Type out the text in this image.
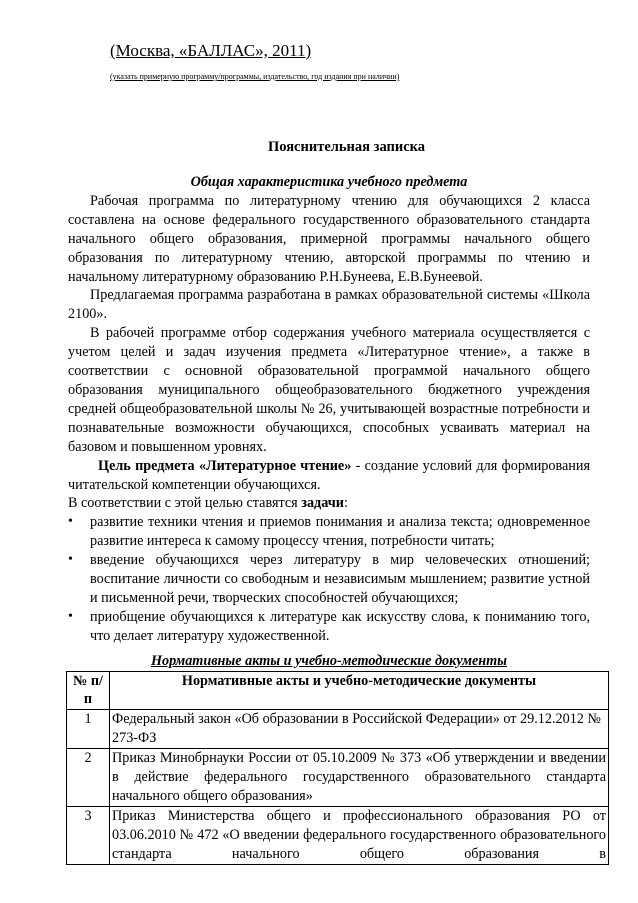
(Москва, «БАЛЛАС», 2011)
(указать примерную программу/программы, издательство, год издания при наличии)
Пояснительная записка
Общая характеристика учебного предмета

Рабочая программа по литературному чтению для обучающихся 2 класса составлена на основе федерального государственного образовательного стандарта начального общего образования, примерной программы начального общего образования по литературному чтению, авторской программы по чтению и начальному литературному образованию Р.Н.Бунеева, Е.В.Бунеевой.

Предлагаемая программа разработана в рамках образовательной системы «Школа 2100».

В рабочей программе отбор содержания учебного материала осуществляется с учетом целей и задач изучения предмета «Литературное чтение», а также в соответствии с основной образовательной программой начального общего образования муниципального общеобразовательного бюджетного учреждения средней общеобразовательной школы № 26, учитывающей возрастные потребности и познавательные возможности обучающихся, способных усваивать материал на базовом и повышенном уровнях.

Цель предмета «Литературное чтение» - создание условий для формирования читательской компетенции обучающихся.

В соответствии с этой целью ставятся задачи:

• развитие техники чтения и приемов понимания и анализа текста; одновременное развитие интереса к самому процессу чтения, потребности читать;
• введение обучающихся через литературу в мир человеческих отношений; воспитание личности со свободным и независимым мышлением; развитие устной и письменной речи, творческих способностей обучающихся;
• приобщение обучающихся к литературе как искусству слова, к пониманию того, что делает литературу художественной.
Нормативные акты и учебно-методические документы
№ п/п	Нормативные акты и учебно-методические документы
1	Федеральный закон «Об образовании в Российской Федерации» от 29.12.2012 № 273-ФЗ
2	Приказ Минобрнауки России от 05.10.2009 № 373 «Об утверждении и введении в действие федерального государственного образовательного стандарта начального общего образования»
3	Приказ Министерства общего и профессионального образования РО от 03.06.2010 № 472 «О введении федерального государственного образовательного стандарта начального общего образования в
